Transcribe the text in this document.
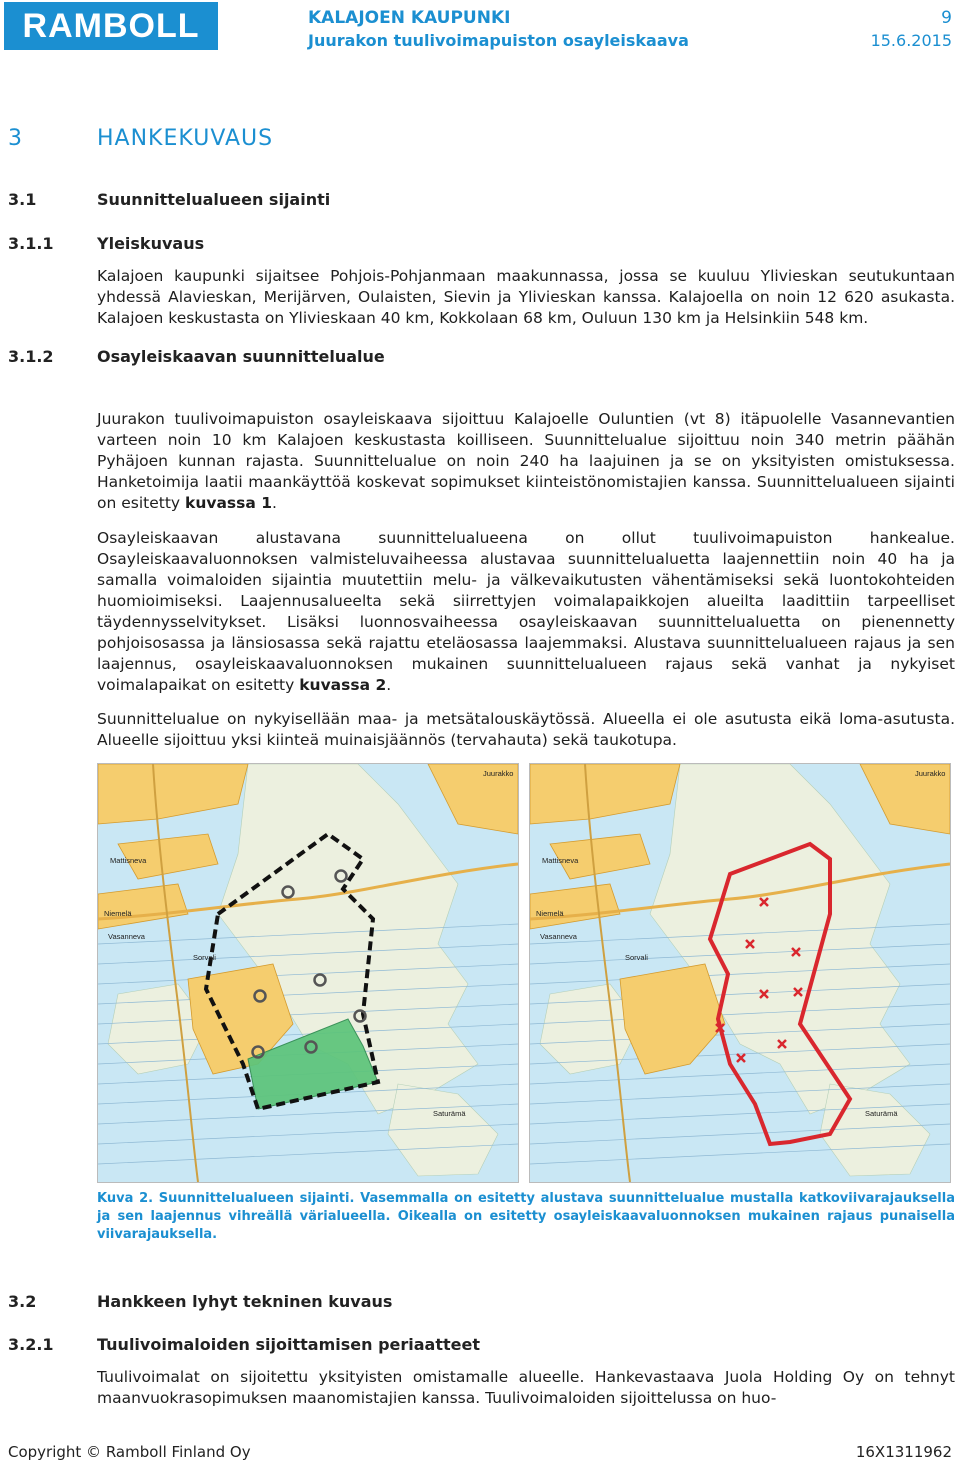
RAMBOLL	KALAJOEN KAUPUNKI
Juurakon tuulivoimapuiston osayleiskaava
9
15.6.2015
3	HANKEKUVAUS
3.1	Suunnittelualueen sijainti
3.1.1	Yleiskuvaus
Kalajoen kaupunki sijaitsee Pohjois-Pohjanmaan maakunnassa, jossa se kuuluu Ylivieskan seutukuntaan yhdessä Alavieskan, Merijärven, Oulaisten, Sievin ja Ylivieskan kanssa. Kalajoella on noin 12 620 asukasta. Kalajoen keskustasta on Ylivieskaan 40 km, Kokkolaan 68 km, Ouluun 130 km ja Helsinkiin 548 km.
3.1.2	Osayleiskaavan suunnittelualue
Juurakon tuulivoimapuiston osayleiskaava sijoittuu Kalajoelle Ouluntien (vt 8) itäpuolelle Vasannevantien varteen noin 10 km Kalajoen keskustasta koilliseen. Suunnittelualue sijoittuu noin 340 metrin päähän Pyhäjoen kunnan rajasta. Suunnittelualue on noin 240 ha laajuinen ja se on yksityisten omistuksessa. Hanketoimija laatii maankäyttöä koskevat sopimukset kiinteistönomistajien kanssa. Suunnittelualueen sijainti on esitetty kuvassa 1.
Osayleiskaavan alustavana suunnittelualueena on ollut tuulivoimapuiston hankealue. Osayleiskaavaluonnoksen valmisteluvaiheessa alustavaa suunnittelualuetta laajennettiin noin 40 ha ja samalla voimaloiden sijaintia muutettiin melu- ja välkevaikutusten vähentämiseksi sekä luontokohteiden huomioimiseksi. Laajennusalueelta sekä siirrettyjen voimalapaikkojen alueilta laadittiin tarpeelliset täydennysselvitykset. Lisäksi luonnosvaiheessa osayleiskaavan suunnittelualuetta on pienennetty pohjoisosassa ja länsiosassa sekä rajattu eteläosassa laajemmaksi. Alustava suunnittelualueen rajaus ja sen laajennus, osayleiskaavaluonnoksen mukainen suunnittelualueen rajaus sekä vanhat ja nykyiset voimalapaikat on esitetty kuvassa 2.
Suunnittelualue on nykyisellään maa- ja metsätalouskäytössä. Alueella ei ole asutusta eikä loma-asutusta. Alueelle sijoittuu yksi kiinteä muinaisjäännös (tervahauta) sekä taukotupa.
Juurakko
Mattisneva
Niemelä
Vasanneva
Sorvali
Saturämä
Juurakko
Mattisneva
Niemelä
Vasanneva
Sorvali
Saturämä
Kuva 2. Suunnittelualueen sijainti. Vasemmalla on esitetty alustava suunnittelualue mustalla katkoviivarajauksella ja sen laajennus vihreällä värialueella. Oikealla on esitetty osayleiskaavaluonnoksen mukainen rajaus punaisella viivarajauksella.
3.2	Hankkeen lyhyt tekninen kuvaus
3.2.1	Tuulivoimaloiden sijoittamisen periaatteet
Tuulivoimalat on sijoitettu yksityisten omistamalle alueelle. Hankevastaava Juola Holding Oy on tehnyt maanvuokrasopimuksen maanomistajien kanssa. Tuulivoimaloiden sijoittelussa on huo-
Copyright © Ramboll Finland Oy	16X1311962
